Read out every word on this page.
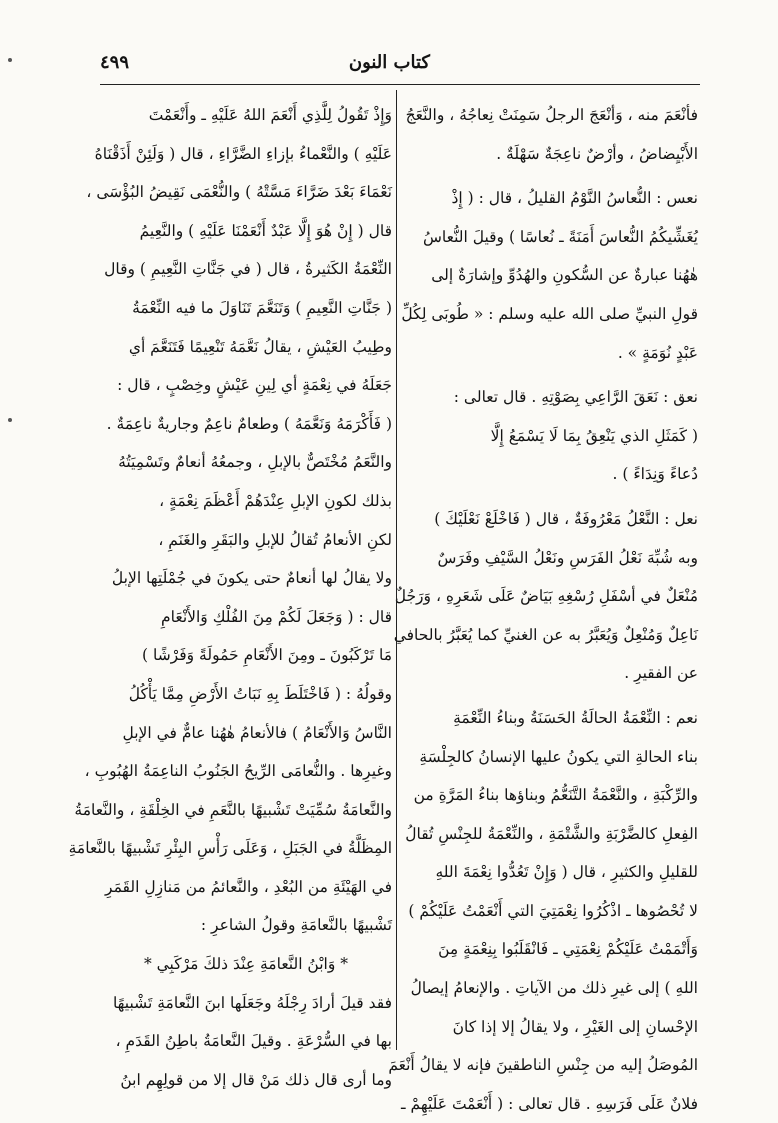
٤٩٩	كتاب النون
فأنْعَمَ منه ، وَأنْعَجَ الرجلُ سَمِنَتْ نِعاجُهُ ، والنَّعَجُ
الأَبْيِضاضُ ، وأرْضٌ ناعِجَةٌ سَهْلَةٌ .
نعس : النُّعاسُ النَّوْمُ القليلُ ، قال : ( إِذْ
يُغَشِّيكُمُ النُّعاسَ أَمَنَةً ـ نُعاسًا ) وقيلَ النُّعاسُ
هٰهُنا عبارةٌ عن السُّكونِ والهُدُوِّ وإشارَةٌ إلى
قولِ النبيِّ صلى الله عليه وسلم : « طُوبَى لِكُلِّ
عَبْدٍ نُوَمَةٍ » .
نعق : نَعَقَ الرَّاعِي بِصَوْتِهِ . قال تعالى :
( كَمَثَلِ الذي يَنْعِقُ بِمَا لَا يَسْمَعُ إِلَّا
دُعاءً وَنِدَاءً ) .
نعل : النَّعْلُ مَعْرُوفَةٌ ، قال ( فَاخْلَعْ نَعْلَيْكَ )
وبه شُبِّهَ نَعْلُ الفَرَسِ ونَعْلُ السَّيْفِ وفَرَسٌ
مُنْعَلٌ في أسْفَلِ رُسْغِهِ بَيَاضٌ عَلَى شَعَرِهِ ، وَرَجُلٌ
نَاعِلٌ وَمُنْعِلٌ وَيُعَبَّرُ به عن الغنيِّ كما يُعَبَّرُ بالحافي
عن الفقيرِ .
نعم : النِّعْمَةُ الحالَةُ الحَسَنَةُ وبناءُ النِّعْمَةِ
بناء الحالةِ التي يكونُ عليها الإنسانُ كالجِلْسَةِ
والرِّكْبَةِ ، والنَّعْمَةُ التَّنَعُّمُ وبناؤها بناءُ المَرَّةِ من
الفِعلِ كالضَّرْبَةِ والشَّتْمَةِ ، والنِّعْمَةُ للجِنْسِ تُقالُ
للقليلِ والكثيرِ ، قال ( وَإِنْ تَعُدُّوا نِعْمَةَ اللهِ
لا تُحْصُوها ـ اذْكُرُوا نِعْمَتِيَ التي أَنْعَمْتُ عَلَيْكُمْ )
وَأَتْمَمْتُ عَلَيْكُمْ نِعْمَتِي ـ فَانْقَلَبُوا بِنِعْمَةٍ مِنَ
اللهِ ) إلى غيرِ ذلك من الآياتِ . والإنعامُ إيصالُ
الإحْسانِ إلى الغَيْرِ ، ولا يقالُ إلا إذا كانَ
المُوصَلُ إليه من جِنْسِ الناطقينَ فإنه لا يقالُ أَنْعَمَ
فلانٌ عَلَى فَرَسِهِ . قال تعالى : ( أَنْعَمْتَ عَلَيْهِمْ ـ
وَإِذْ تَقُولُ لِلَّذِي أَنْعَمَ اللهُ عَلَيْهِ ـ وأَنْعَمْتَ
عَلَيْهِ ) والنَّعْماءُ بإزاءِ الضَّرَّاءِ ، قال ( وَلَئِنْ أَذَقْنَاهُ
نَعْمَاءَ بَعْدَ ضَرَّاءَ مَسَّتْهُ ) والنُّعْمَى نَقِيضُ البُؤْسَى ،
قال ( إِنْ هُوَ إِلَّا عَبْدٌ أَنْعَمْنَا عَلَيْهِ ) والنَّعِيمُ
النِّعْمَةُ الكَثيرةُ ، قال ( في جَنَّاتِ النَّعِيمِ ) وقال
( جَنَّاتِ النَّعِيمِ ) وَتَنَعَّمَ تَنَاوَلَ ما فيه النِّعْمَةُ
وطِيبُ العَيْشِ ، يقالُ نَعَّمَهُ تَنْعِيمًا فَتَنَعَّمَ أي
جَعَلَهُ في نِعْمَةٍ أي لِينِ عَيْشٍ وخِصْبٍ ، قال :
( فَأَكْرَمَهُ وَنَعَّمَهُ ) وطعامٌ ناعِمٌ وجاريةٌ ناعِمَةٌ .
والنَّعَمُ مُخْتَصٌّ بالإبلِ ، وجمعُهُ أنعامٌ وتَسْمِيَتُهُ
بذلك لكونِ الإبلِ عِنْدَهُمْ أَعْظَمَ نِعْمَةٍ ،
لكنِ الأنعامُ تُقالُ للإبلِ والبَقَرِ والغَنَمِ ،
ولا يقالُ لها أنعامٌ حتى يكونَ في جُمْلَتِها الإبلُ
قال : ( وَجَعَلَ لَكُمْ مِنَ الفُلْكِ وَالأَنْعَامِ
مَا تَرْكَبُونَ ـ ومِنَ الأَنْعَامِ حَمُولَةً وَفَرْشًا )
وقولُهُ : ( فَاخْتَلَطَ بِهِ نَبَاتُ الأَرْضِ مِمَّا يَأْكُلُ
النَّاسُ وَالأَنْعَامُ ) فالأنعامُ هٰهُنا عامٌّ في الإبلِ
وغيرِها . والنُّعامَى الرِّيحُ الجَنُوبُ الناعِمَةُ الهُبُوبِ ،
والنَّعامَةُ سُمِّيَتْ تَشْبيهًا بالنَّعَمِ في الخِلْقَةِ ، والنَّعامَةُ
المِظَلَّةُ في الجَبَلِ ، وَعَلَى رَأْسِ البِئْرِ تَشْبيهًا بالنَّعامَةِ
في الهَيْئَةِ من البُعْدِ ، والنَّعائمُ من مَنازِلِ القَمَرِ
تَشْبيهًا بالنَّعامَةِ وقولُ الشاعرِ :
* وَابْنُ النَّعامَةِ عِنْدَ ذلكَ مَرْكَبِي *
فقد قيلَ أرادَ رِجْلَهُ وجَعَلَها ابنَ النَّعامَةِ تَشْبيهًا
بها في السُّرْعَةِ . وقيلَ النَّعامَةُ باطِنُ القَدَمِ ،
وما أرى قال ذلك مَنْ قال إلا من قولِهِم ابنُ
